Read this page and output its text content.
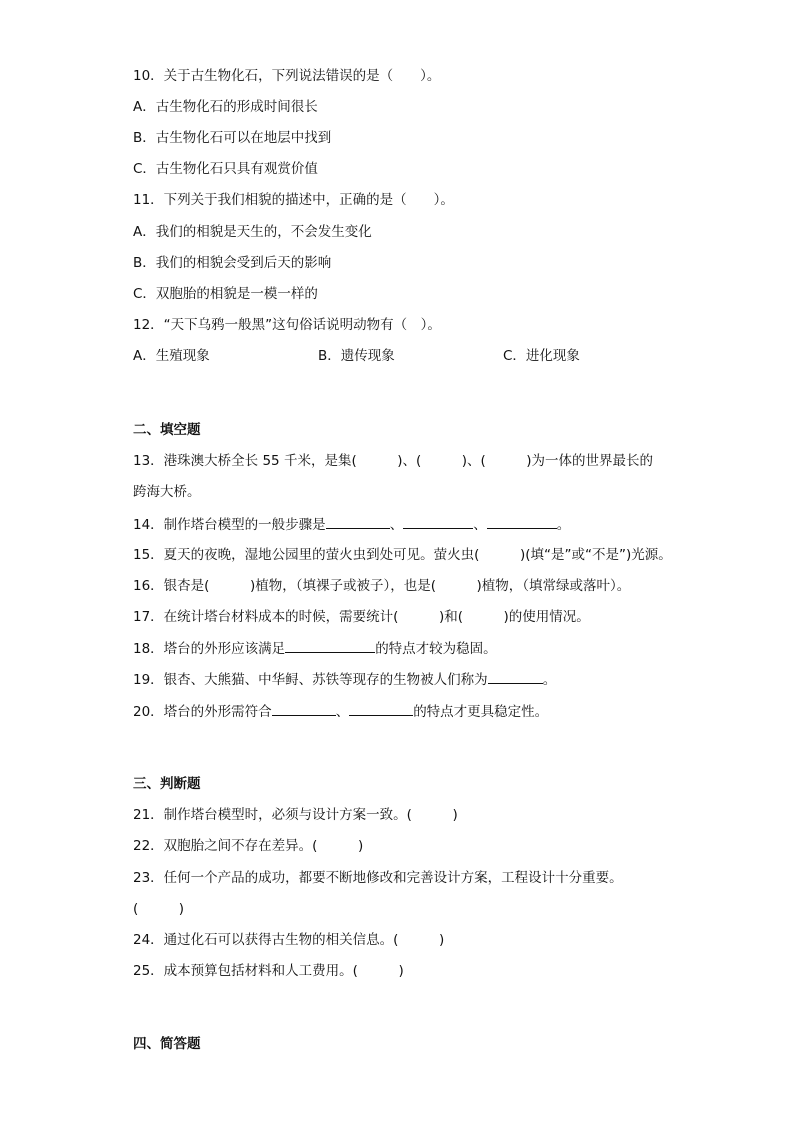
10．关于古生物化石，下列说法错误的是（　　）。
A．古生物化石的形成时间很长
B．古生物化石可以在地层中找到
C．古生物化石只具有观赏价值
11．下列关于我们相貌的描述中，正确的是（　　）。
A．我们的相貌是天生的，不会发生变化
B．我们的相貌会受到后天的影响
C．双胞胎的相貌是一模一样的
12．“天下乌鸦一般黑”这句俗话说明动物有（　）。
A．生殖现象	B．遗传现象	C．进化现象
二、填空题
13．港珠澳大桥全长 55 千米，是集(　　　)、(　　　)、(　　　)为一体的世界最长的
跨海大桥。
14．制作塔台模型的一般步骤是	、	、	。
15．夏天的夜晚，湿地公园里的萤火虫到处可见。萤火虫(　　　)(填“是”或“不是”)光源。
16．银杏是(　　　)植物，（填裸子或被子），也是(　　　)植物，（填常绿或落叶）。
17．在统计塔台材料成本的时候，需要统计(　　　)和(　　　)的使用情况。
18．塔台的外形应该满足	的特点才较为稳固。
19．银杏、大熊猫、中华鲟、苏铁等现存的生物被人们称为	。
20．塔台的外形需符合	、	的特点才更具稳定性。
三、判断题
21．制作塔台模型时，必须与设计方案一致。(　　　)
22．双胞胎之间不存在差异。(　　　)
23．任何一个产品的成功，都要不断地修改和完善设计方案，工程设计十分重要。
(　　　)
24．通过化石可以获得古生物的相关信息。(　　　)
25．成本预算包括材料和人工费用。(　　　)
四、简答题
